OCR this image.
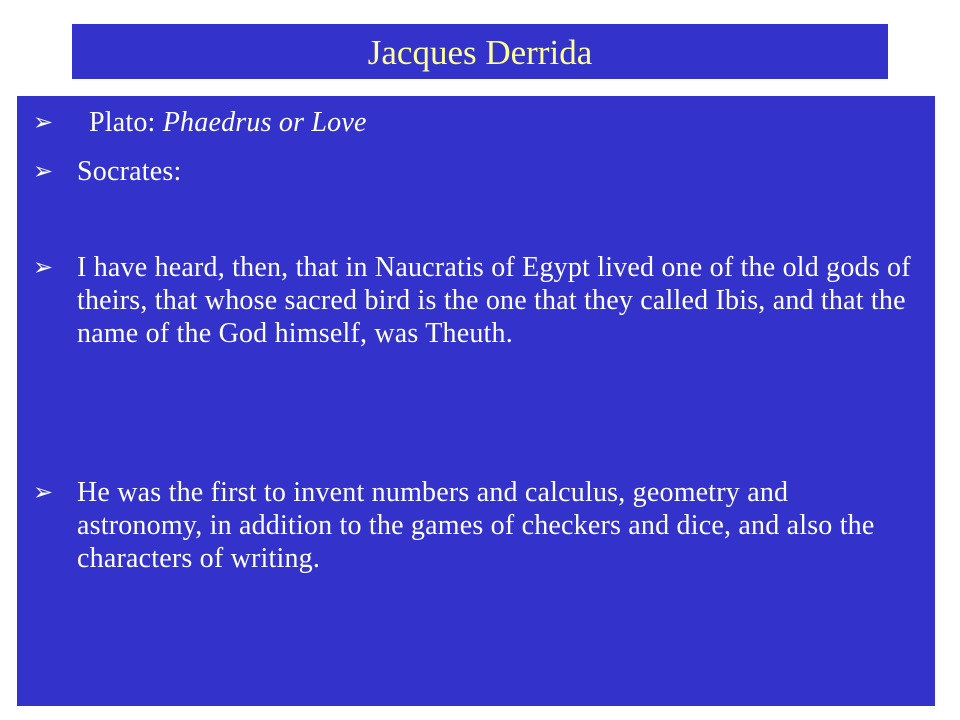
Jacques Derrida
➢ Plato: Phaedrus or Love
➢ Socrates:
➢ I have heard, then, that in Naucratis of Egypt lived one of the old gods of theirs, that whose sacred bird is the one that they called Ibis, and that the name of the God himself, was Theuth.
➢ He was the first to invent numbers and calculus, geometry and astronomy, in addition to the games of checkers and dice, and also the characters of writing.
